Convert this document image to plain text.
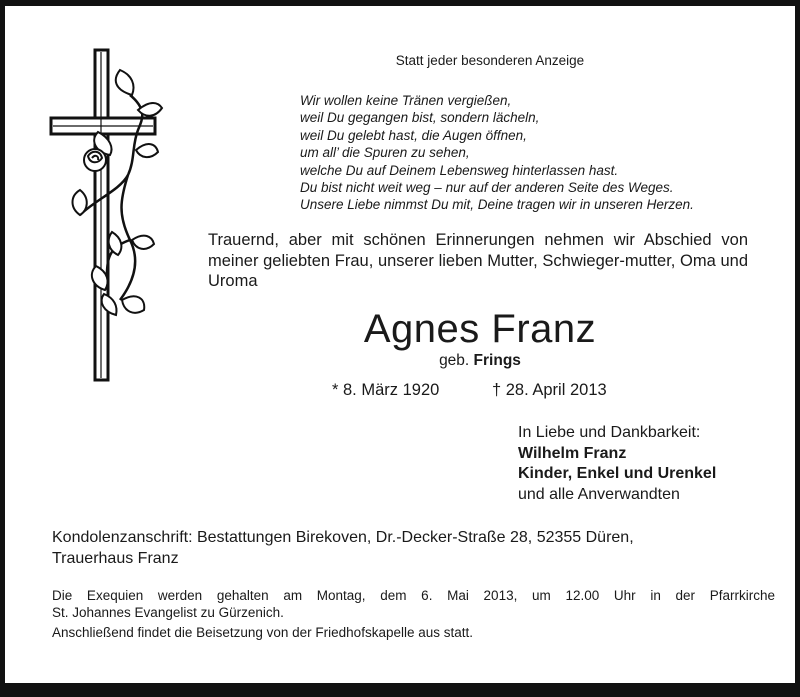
Statt jeder besonderen Anzeige
Wir wollen keine Tränen vergießen,
weil Du gegangen bist, sondern lächeln,
weil Du gelebt hast, die Augen öffnen,
um all’ die Spuren zu sehen,
welche Du auf Deinem Lebensweg hinterlassen hast.
Du bist nicht weit weg – nur auf der anderen Seite des Weges.
Unsere Liebe nimmst Du mit, Deine tragen wir in unseren Herzen.
Trauernd, aber mit schönen Erinnerungen nehmen wir Abschied von meiner geliebten Frau, unserer lieben Mutter, Schwieger-mutter, Oma und Uroma
Agnes Franz
geb. Frings
* 8. März 1920	† 28. April 2013
In Liebe und Dankbarkeit:
Wilhelm Franz
Kinder, Enkel und Urenkel
und alle Anverwandten
Kondolenzanschrift: Bestattungen Birekoven, Dr.-Decker-Straße 28, 52355 Düren,
Trauerhaus Franz
Die Exequien werden gehalten am Montag, dem 6. Mai 2013, um 12.00 Uhr in der Pfarrkirche
St. Johannes Evangelist zu Gürzenich.
Anschließend findet die Beisetzung von der Friedhofskapelle aus statt.
